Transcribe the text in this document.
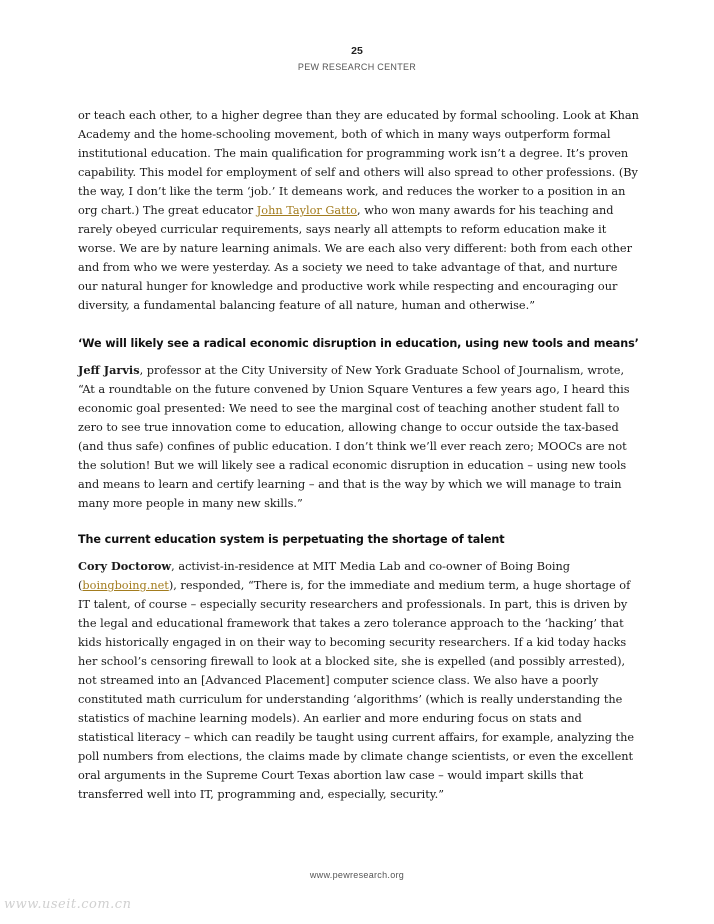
25
PEW RESEARCH CENTER

or teach each other, to a higher degree than they are educated by formal schooling. Look at Khan Academy and the home-schooling movement, both of which in many ways outperform formal institutional education. The main qualification for programming work isn’t a degree. It’s proven capability. This model for employment of self and others will also spread to other professions. (By the way, I don’t like the term ‘job.’ It demeans work, and reduces the worker to a position in an org chart.) The great educator John Taylor Gatto, who won many awards for his teaching and rarely obeyed curricular requirements, says nearly all attempts to reform education make it worse. We are by nature learning animals. We are each also very different: both from each other and from who we were yesterday. As a society we need to take advantage of that, and nurture our natural hunger for knowledge and productive work while respecting and encouraging our diversity, a fundamental balancing feature of all nature, human and otherwise.”

‘We will likely see a radical economic disruption in education, using new tools and means’

Jeff Jarvis, professor at the City University of New York Graduate School of Journalism, wrote, “At a roundtable on the future convened by Union Square Ventures a few years ago, I heard this economic goal presented: We need to see the marginal cost of teaching another student fall to zero to see true innovation come to education, allowing change to occur outside the tax-based (and thus safe) confines of public education. I don’t think we’ll ever reach zero; MOOCs are not the solution! But we will likely see a radical economic disruption in education – using new tools and means to learn and certify learning – and that is the way by which we will manage to train many more people in many new skills.”

The current education system is perpetuating the shortage of talent

Cory Doctorow, activist-in-residence at MIT Media Lab and co-owner of Boing Boing (boingboing.net), responded, “There is, for the immediate and medium term, a huge shortage of IT talent, of course – especially security researchers and professionals. In part, this is driven by the legal and educational framework that takes a zero tolerance approach to the ‘hacking’ that kids historically engaged in on their way to becoming security researchers. If a kid today hacks her school’s censoring firewall to look at a blocked site, she is expelled (and possibly arrested), not streamed into an [Advanced Placement] computer science class. We also have a poorly constituted math curriculum for understanding ‘algorithms’ (which is really understanding the statistics of machine learning models). An earlier and more enduring focus on stats and statistical literacy – which can readily be taught using current affairs, for example, analyzing the poll numbers from elections, the claims made by climate change scientists, or even the excellent oral arguments in the Supreme Court Texas abortion law case – would impart skills that transferred well into IT, programming and, especially, security.”

www.pewresearch.org
www.useit.com.cn
